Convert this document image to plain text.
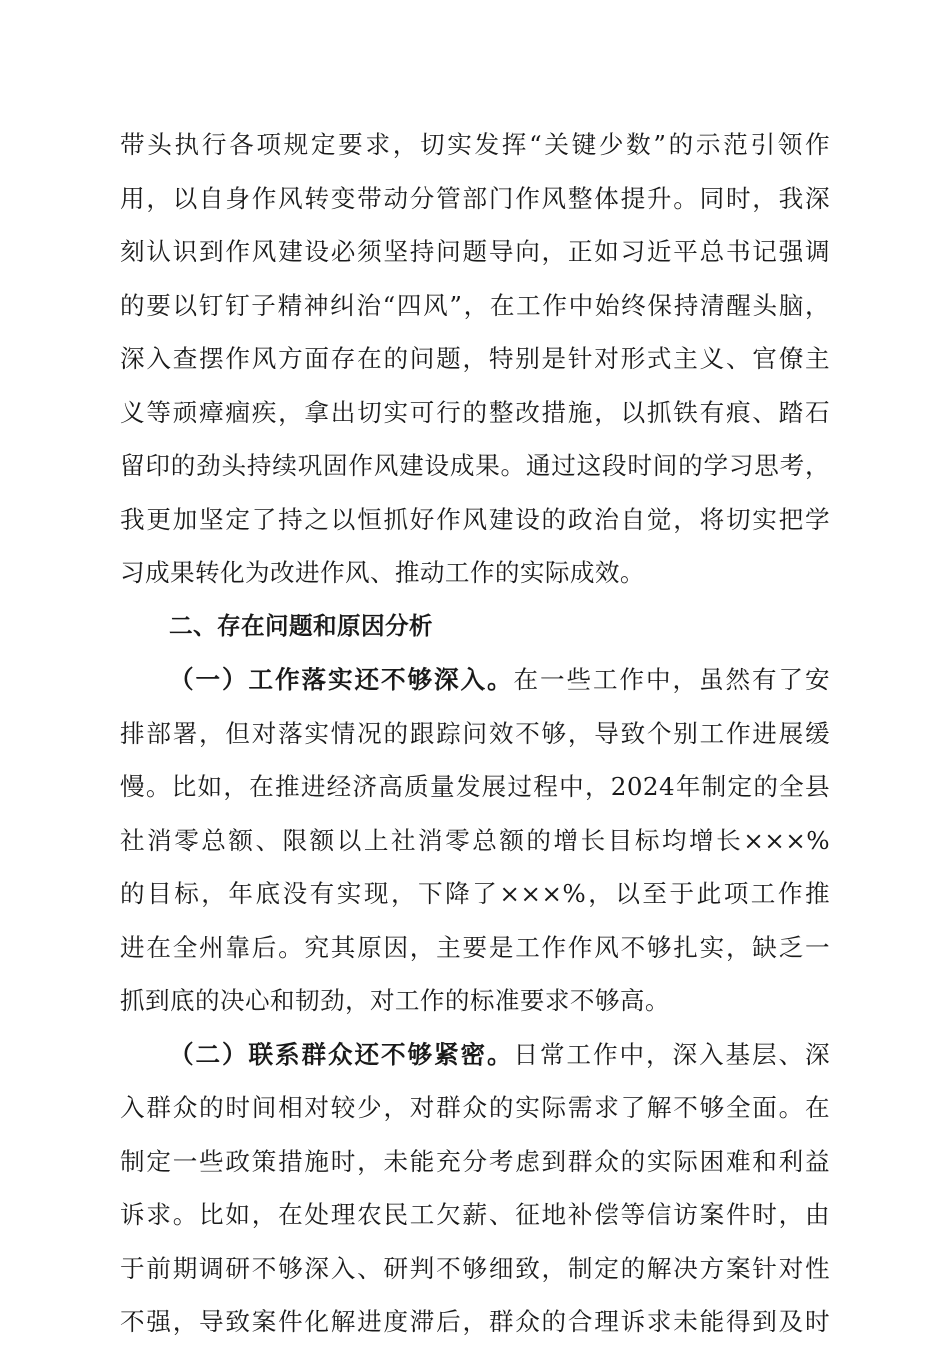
带头执行各项规定要求，切实发挥“关键少数”的示范引领作
用，以自身作风转变带动分管部门作风整体提升。同时，我深
刻认识到作风建设必须坚持问题导向，正如习近平总书记强调
的要以钉钉子精神纠治“四风”，在工作中始终保持清醒头脑，
深入查摆作风方面存在的问题，特别是针对形式主义、官僚主
义等顽瘴痼疾，拿出切实可行的整改措施，以抓铁有痕、踏石
留印的劲头持续巩固作风建设成果。通过这段时间的学习思考，
我更加坚定了持之以恒抓好作风建设的政治自觉，将切实把学
习成果转化为改进作风、推动工作的实际成效。
二、存在问题和原因分析
（一）工作落实还不够深入。在一些工作中，虽然有了安
排部署，但对落实情况的跟踪问效不够，导致个别工作进展缓
慢。比如，在推进经济高质量发展过程中，2024年制定的全县
社消零总额、限额以上社消零总额的增长目标均增长×××%
的目标，年底没有实现，下降了×××%，以至于此项工作推
进在全州靠后。究其原因，主要是工作作风不够扎实，缺乏一
抓到底的决心和韧劲，对工作的标准要求不够高。
（二）联系群众还不够紧密。日常工作中，深入基层、深
入群众的时间相对较少，对群众的实际需求了解不够全面。在
制定一些政策措施时，未能充分考虑到群众的实际困难和利益
诉求。比如，在处理农民工欠薪、征地补偿等信访案件时，由
于前期调研不够深入、研判不够细致，制定的解决方案针对性
不强，导致案件化解进度滞后，群众的合理诉求未能得到及时
